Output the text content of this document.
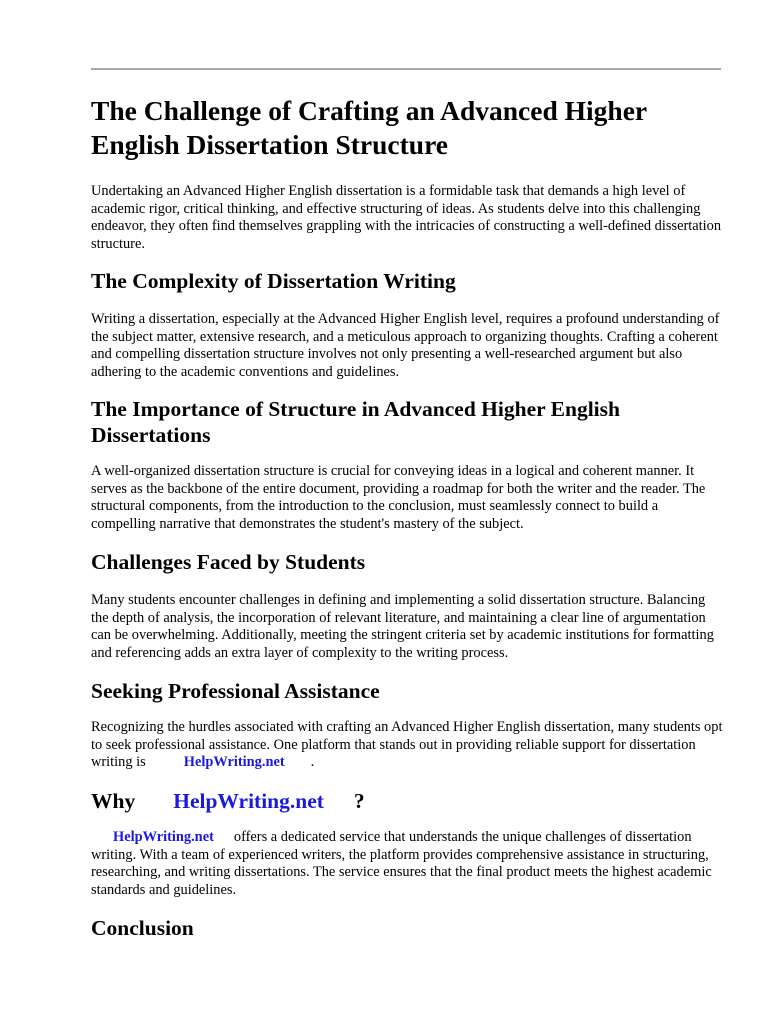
The Challenge of Crafting an Advanced Higher English Dissertation Structure

Undertaking an Advanced Higher English dissertation is a formidable task that demands a high level of academic rigor, critical thinking, and effective structuring of ideas. As students delve into this challenging endeavor, they often find themselves grappling with the intricacies of constructing a well-defined dissertation structure.

The Complexity of Dissertation Writing

Writing a dissertation, especially at the Advanced Higher English level, requires a profound understanding of the subject matter, extensive research, and a meticulous approach to organizing thoughts. Crafting a coherent and compelling dissertation structure involves not only presenting a well-researched argument but also adhering to the academic conventions and guidelines.

The Importance of Structure in Advanced Higher English Dissertations

A well-organized dissertation structure is crucial for conveying ideas in a logical and coherent manner. It serves as the backbone of the entire document, providing a roadmap for both the writer and the reader. The structural components, from the introduction to the conclusion, must seamlessly connect to build a compelling narrative that demonstrates the student's mastery of the subject.

Challenges Faced by Students

Many students encounter challenges in defining and implementing a solid dissertation structure. Balancing the depth of analysis, the incorporation of relevant literature, and maintaining a clear line of argumentation can be overwhelming. Additionally, meeting the stringent criteria set by academic institutions for formatting and referencing adds an extra layer of complexity to the writing process.

Seeking Professional Assistance

Recognizing the hurdles associated with crafting an Advanced Higher English dissertation, many students opt to seek professional assistance. One platform that stands out in providing reliable support for dissertation writing is	HelpWriting.net .

Why HelpWriting.net ?

HelpWriting.net offers a dedicated service that understands the unique challenges of dissertation writing. With a team of experienced writers, the platform provides comprehensive assistance in structuring, researching, and writing dissertations. The service ensures that the final product meets the highest academic standards and guidelines.

Conclusion
